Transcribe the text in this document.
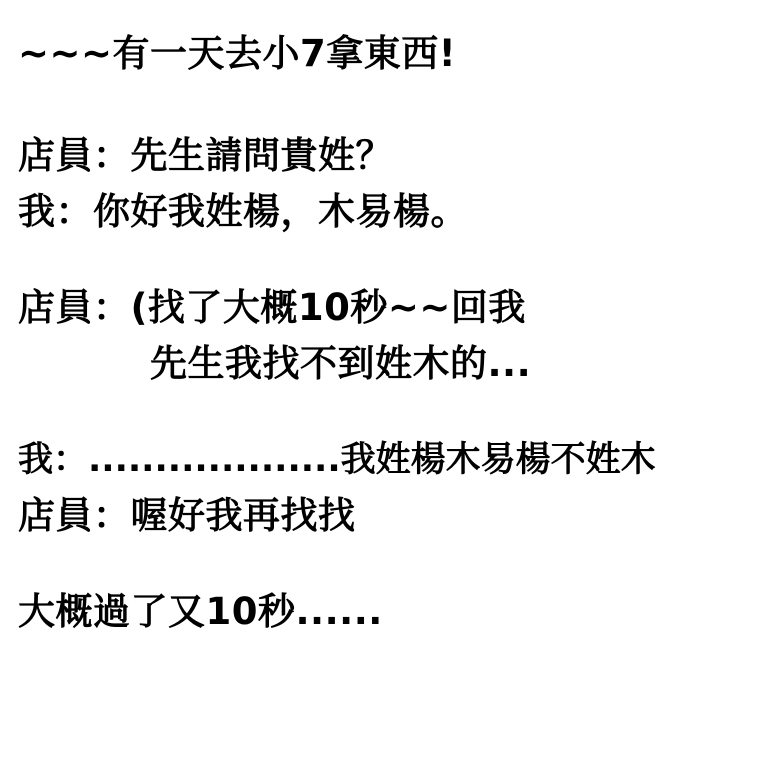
~~~有一天去小7拿東西!
店員：先生請問貴姓？
我：你好我姓楊，木易楊。
店員：(找了大概10秒~~回我
先生我找不到姓木的...
我：...................我姓楊木易楊不姓木
店員：喔好我再找找
大概過了又10秒......
